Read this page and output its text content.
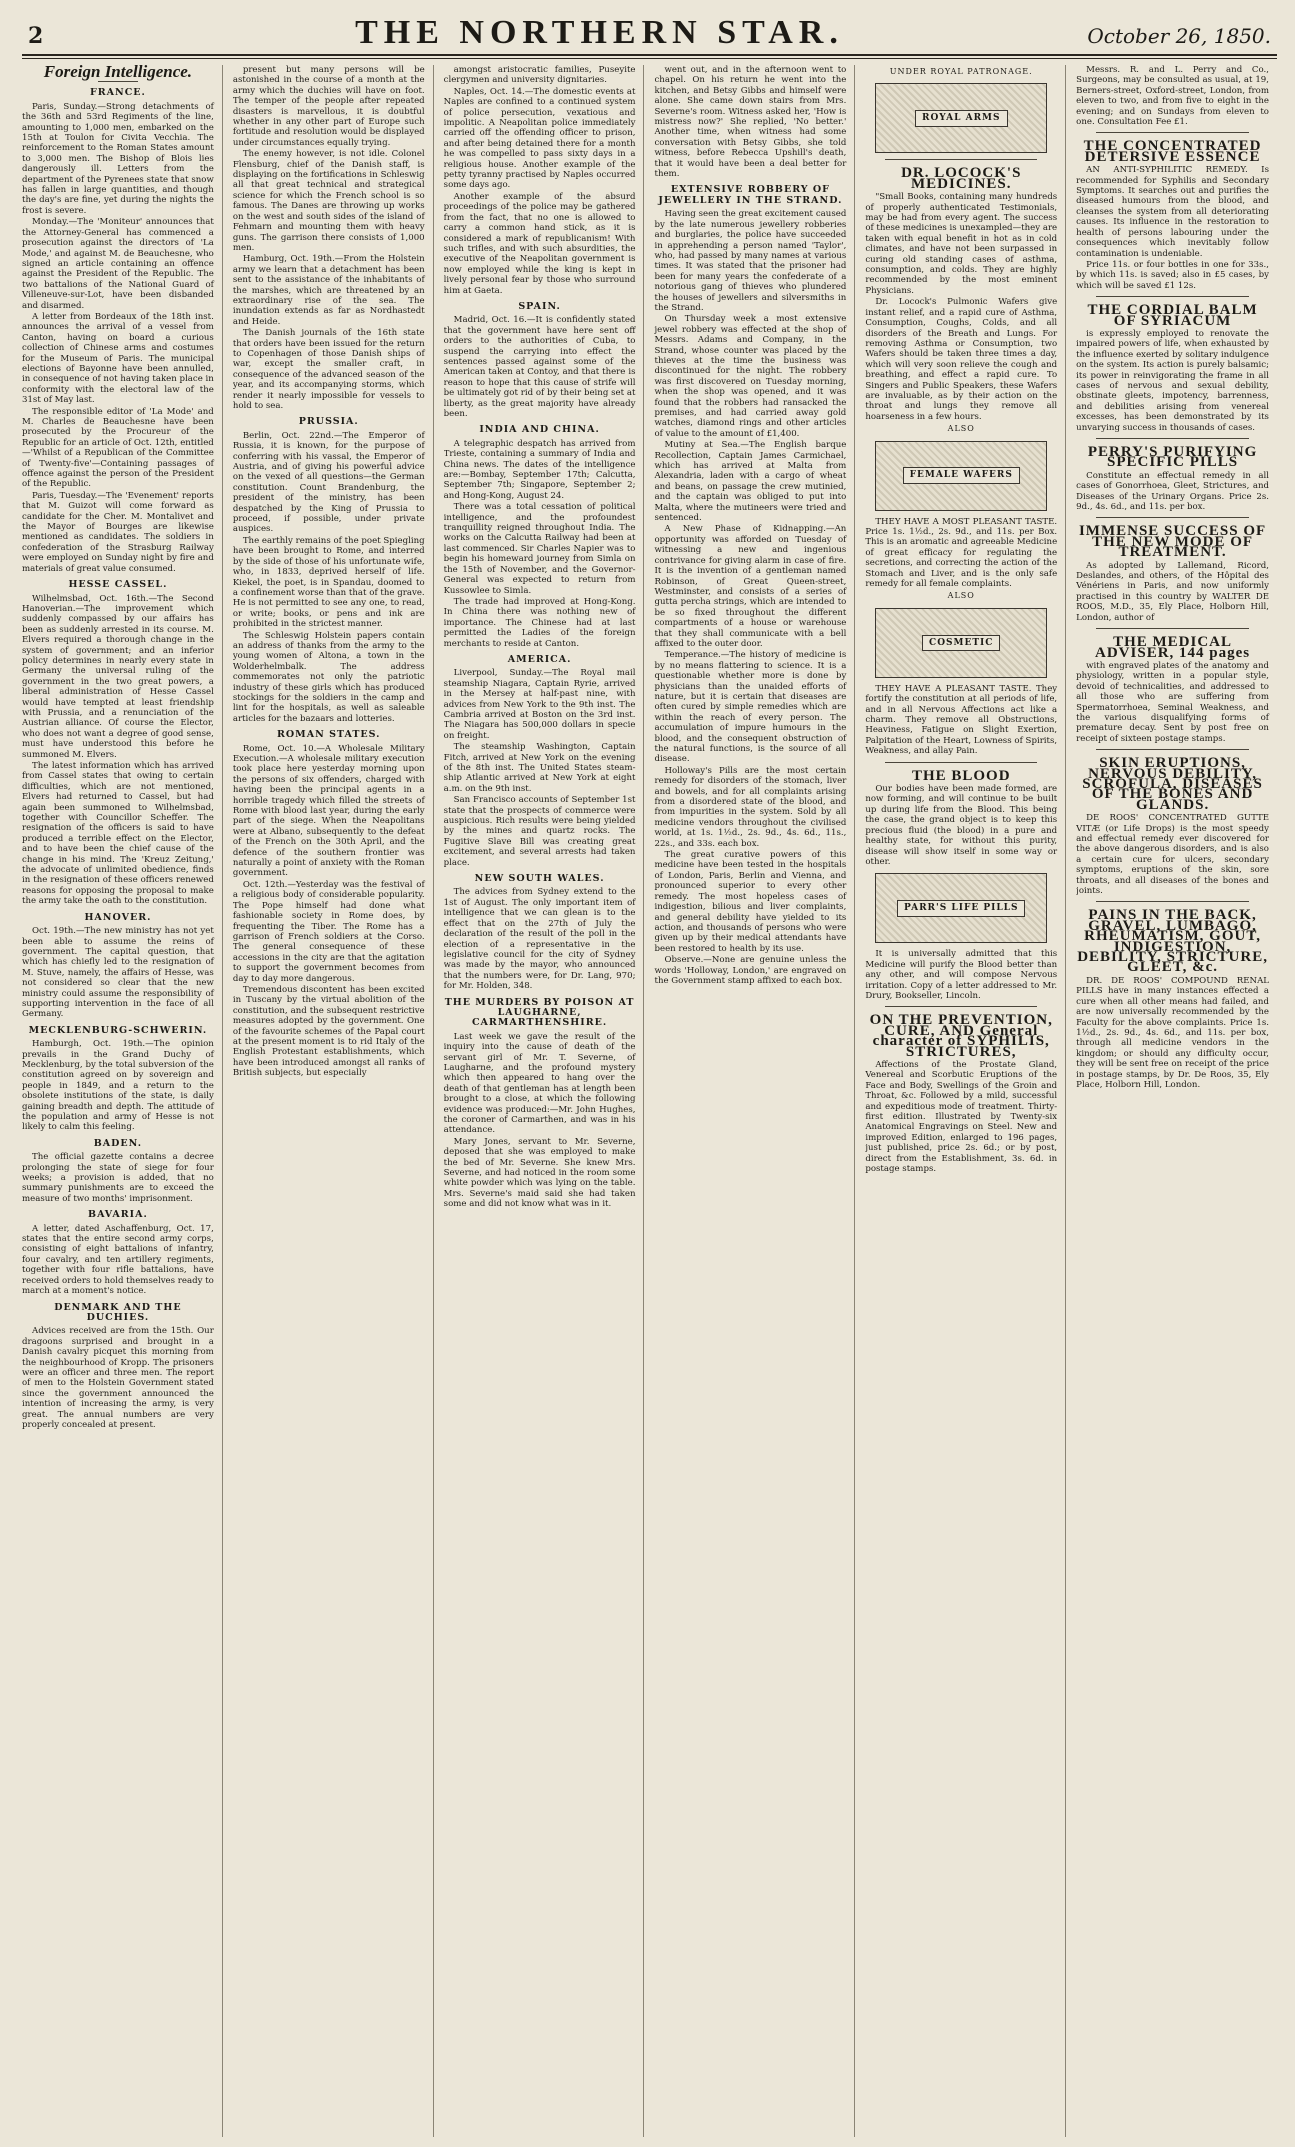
2	THE NORTHERN STAR.	October 26, 1850.
Foreign Intelligence.
FRANCE.

Paris, Sunday.—Strong detachments of the 36th and 53rd Regiments of the line, amounting to 1,000 men, embarked on the 15th at Toulon for Civita Vecchia. The reinforcement to the Roman States amount to 3,000 men. The Bishop of Blois lies dangerously ill. Letters from the department of the Pyrenees state that snow has fallen in large quantities, and though the day's are fine, yet during the nights the frost is severe.

Monday.—The 'Moniteur' announces that the Attorney-General has commenced a prosecution against the directors of 'La Mode,' and against M. de Beauchesne, who signed an article containing an offence against the President of the Republic. The two battalions of the National Guard of Villeneuve-sur-Lot, have been disbanded and disarmed.

A letter from Bordeaux of the 18th inst. announces the arrival of a vessel from Canton, having on board a curious collection of Chinese arms and costumes for the Museum of Paris. The municipal elections of Bayonne have been annulled, in consequence of not having taken place in conformity with the electoral law of the 31st of May last.

The responsible editor of 'La Mode' and M. Charles de Beauchesne have been prosecuted by the Procureur of the Republic for an article of Oct. 12th, entitled—'Whilst of a Republican of the Committee of Twenty-five'—Containing passages of offence against the person of the President of the Republic.

Paris, Tuesday.—The 'Evenement' reports that M. Guizot will come forward as candidate for the Cher. M. Montalivet and the Mayor of Bourges are likewise mentioned as candidates. The soldiers in confederation of the Strasburg Railway were employed on Sunday night by fire and materials of great value consumed.

HESSE CASSEL.

Wilhelmsbad, Oct. 16th.—The Second Hanoverian.—The improvement which suddenly compassed by our affairs has been as suddenly arrested in its course. M. Elvers required a thorough change in the system of government; and an inferior policy determines in nearly every state in Germany the universal ruling of the government in the two great powers, a liberal administration of Hesse Cassel would have tempted at least friendship with Prussia, and a renunciation of the Austrian alliance. Of course the Elector, who does not want a degree of good sense, must have understood this before he summoned M. Elvers.

The latest information which has arrived from Cassel states that owing to certain difficulties, which are not mentioned, Elvers had returned to Cassel, but had again been summoned to Wilhelmsbad, together with Councillor Scheffer. The resignation of the officers is said to have produced a terrible effect on the Elector, and to have been the chief cause of the change in his mind. The 'Kreuz Zeitung,' the advocate of unlimited obedience, finds in the resignation of these officers renewed reasons for opposing the proposal to make the army take the oath to the constitution.

HANOVER.

Oct. 19th.—The new ministry has not yet been able to assume the reins of government. The capital question, that which has chiefly led to the resignation of M. Stuve, namely, the affairs of Hesse, was not considered so clear that the new ministry could assume the responsibility of supporting intervention in the face of all Germany.

MECKLENBURG-SCHWERIN.

Hamburgh, Oct. 19th.—The opinion prevails in the Grand Duchy of Mecklenburg, by the total subversion of the constitution agreed on by sovereign and people in 1849, and a return to the obsolete institutions of the state, is daily gaining breadth and depth. The attitude of the population and army of Hesse is not likely to calm this feeling.

BADEN.

The official gazette contains a decree prolonging the state of siege for four weeks; a provision is added, that no summary punishments are to exceed the measure of two months' imprisonment.

BAVARIA.

A letter, dated Aschaffenburg, Oct. 17, states that the entire second army corps, consisting of eight battalions of infantry, four cavalry, and ten artillery regiments, together with four rifle battalions, have received orders to hold themselves ready to march at a moment's notice.

DENMARK AND THE DUCHIES.

Advices received are from the 15th. Our dragoons surprised and brought in a Danish cavalry picquet this morning from the neighbourhood of Kropp. The prisoners were an officer and three men. The report of men to the Holstein Government stated since the government announced the intention of increasing the army, is very great. The annual numbers are very properly concealed at present.

present but many persons will be astonished in the course of a month at the army which the duchies will have on foot. The temper of the people after repeated disasters is marvellous, it is doubtful whether in any other part of Europe such fortitude and resolution would be displayed under circumstances equally trying.

The enemy however, is not idle. Colonel Flensburg, chief of the Danish staff, is displaying on the fortifications in Schleswig all that great technical and strategical science for which the French school is so famous. The Danes are throwing up works on the west and south sides of the island of Fehmarn and mounting them with heavy guns. The garrison there consists of 1,000 men.

Hamburg, Oct. 19th.—From the Holstein army we learn that a detachment has been sent to the assistance of the inhabitants of the marshes, which are threatened by an extraordinary rise of the sea. The inundation extends as far as Nordhastedt and Heide.

The Danish journals of the 16th state that orders have been issued for the return to Copenhagen of those Danish ships of war, except the smaller craft, in consequence of the advanced season of the year, and its accompanying storms, which render it nearly impossible for vessels to hold to sea.

PRUSSIA.

Berlin, Oct. 22nd.—The Emperor of Russia, it is known, for the purpose of conferring with his vassal, the Emperor of Austria, and of giving his powerful advice on the vexed of all questions—the German constitution. Count Brandenburg, the president of the ministry, has been despatched by the King of Prussia to proceed, if possible, under private auspices.

The earthly remains of the poet Spiegling have been brought to Rome, and interred by the side of those of his unfortunate wife, who, in 1833, deprived herself of life. Kiekel, the poet, is in Spandau, doomed to a confinement worse than that of the grave. He is not permitted to see any one, to read, or write; books, or pens and ink are prohibited in the strictest manner.

The Schleswig Holstein papers contain an address of thanks from the army to the young women of Altona, a town in the Wolderhelmbalk. The address commemorates not only the patriotic industry of these girls which has produced stockings for the soldiers in the camp and lint for the hospitals, as well as saleable articles for the bazaars and lotteries.

ROMAN STATES.

Rome, Oct. 10.—A Wholesale Military Execution.—A wholesale military execution took place here yesterday morning upon the persons of six offenders, charged with having been the principal agents in a horrible tragedy which filled the streets of Rome with blood last year, during the early part of the siege. When the Neapolitans were at Albano, subsequently to the defeat of the French on the 30th April, and the defence of the southern frontier was naturally a point of anxiety with the Roman government.

Oct. 12th.—Yesterday was the festival of a religious body of considerable popularity. The Pope himself had done what fashionable society in Rome does, by frequenting the Tiber. The Rome has a garrison of French soldiers at the Corso. The general consequence of these accessions in the city are that the agitation to support the government becomes from day to day more dangerous.

Tremendous discontent has been excited in Tuscany by the virtual abolition of the constitution, and the subsequent restrictive measures adopted by the government. One of the favourite schemes of the Papal court at the present moment is to rid Italy of the English Protestant establishments, which have been introduced amongst all ranks of British subjects, but especially

amongst aristocratic families, Puseyite clergymen and university dignitaries.

Naples, Oct. 14.—The domestic events at Naples are confined to a continued system of police persecution, vexatious and impolitic. A Neapolitan police immediately carried off the offending officer to prison, and after being detained there for a month he was compelled to pass sixty days in a religious house. Another example of the petty tyranny practised by Naples occurred some days ago.

Another example of the absurd proceedings of the police may be gathered from the fact, that no one is allowed to carry a common hand stick, as it is considered a mark of republicanism! With such trifles, and with such absurdities, the executive of the Neapolitan government is now employed while the king is kept in lively personal fear by those who surround him at Gaeta.

SPAIN.

Madrid, Oct. 16.—It is confidently stated that the government have here sent off orders to the authorities of Cuba, to suspend the carrying into effect the sentences passed against some of the American taken at Contoy, and that there is reason to hope that this cause of strife will be ultimately got rid of by their being set at liberty, as the great majority have already been.

INDIA AND CHINA.

A telegraphic despatch has arrived from Trieste, containing a summary of India and China news. The dates of the intelligence are:—Bombay, September 17th; Calcutta, September 7th; Singapore, September 2; and Hong-Kong, August 24.

There was a total cessation of political intelligence, and the profoundest tranquillity reigned throughout India. The works on the Calcutta Railway had been at last commenced. Sir Charles Napier was to begin his homeward journey from Simla on the 15th of November, and the Governor-General was expected to return from Kussowlee to Simla.

The trade had improved at Hong-Kong. In China there was nothing new of importance. The Chinese had at last permitted the Ladies of the foreign merchants to reside at Canton.

AMERICA.

Liverpool, Sunday.—The Royal mail steamship Niagara, Captain Ryrie, arrived in the Mersey at half-past nine, with advices from New York to the 9th inst. The Cambria arrived at Boston on the 3rd inst. The Niagara has 500,000 dollars in specie on freight.

The steamship Washington, Captain Fitch, arrived at New York on the evening of the 8th inst. The United States steam-ship Atlantic arrived at New York at eight a.m. on the 9th inst.

San Francisco accounts of September 1st state that the prospects of commerce were auspicious. Rich results were being yielded by the mines and quartz rocks. The Fugitive Slave Bill was creating great excitement, and several arrests had taken place.

NEW SOUTH WALES.

The advices from Sydney extend to the 1st of August. The only important item of intelligence that we can glean is to the effect that on the 27th of July the declaration of the result of the poll in the election of a representative in the legislative council for the city of Sydney was made by the mayor, who announced that the numbers were, for Dr. Lang, 970; for Mr. Holden, 348.

THE MURDERS BY POISON AT LAUGHARNE, CARMARTHENSHIRE.

Last week we gave the result of the inquiry into the cause of death of the servant girl of Mr. T. Severne, of Laugharne, and the profound mystery which then appeared to hang over the death of that gentleman has at length been brought to a close, at which the following evidence was produced:—Mr. John Hughes, the coroner of Carmarthen, and was in his attendance.

Mary Jones, servant to Mr. Severne, deposed that she was employed to make the bed of Mr. Severne. She knew Mrs. Severne, and had noticed in the room some white powder which was lying on the table. Mrs. Severne's maid said she had taken some and did not know what was in it.

went out, and in the afternoon went to chapel. On his return he went into the kitchen, and Betsy Gibbs and himself were alone. She came down stairs from Mrs. Severne's room. Witness asked her, 'How is mistress now?' She replied, 'No better.' Another time, when witness had some conversation with Betsy Gibbs, she told witness, before Rebecca Upshill's death, that it would have been a deal better for them.

EXTENSIVE ROBBERY OF JEWELLERY IN THE STRAND.

Having seen the great excitement caused by the late numerous jewellery robberies and burglaries, the police have succeeded in apprehending a person named 'Taylor', who, had passed by many names at various times. It was stated that the prisoner had been for many years the confederate of a notorious gang of thieves who plundered the houses of jewellers and silversmiths in the Strand.

On Thursday week a most extensive jewel robbery was effected at the shop of Messrs. Adams and Company, in the Strand, whose counter was placed by the thieves at the time the business was discontinued for the night. The robbery was first discovered on Tuesday morning, when the shop was opened, and it was found that the robbers had ransacked the premises, and had carried away gold watches, diamond rings and other articles of value to the amount of £1,400.

Mutiny at Sea.—The English barque Recollection, Captain James Carmichael, which has arrived at Malta from Alexandria, laden with a cargo of wheat and beans, on passage the crew mutinied, and the captain was obliged to put into Malta, where the mutineers were tried and sentenced.

A New Phase of Kidnapping.—An opportunity was afforded on Tuesday of witnessing a new and ingenious contrivance for giving alarm in case of fire. It is the invention of a gentleman named Robinson, of Great Queen-street, Westminster, and consists of a series of gutta percha strings, which are intended to be so fixed throughout the different compartments of a house or warehouse that they shall communicate with a bell affixed to the outer door.

Temperance.—The history of medicine is by no means flattering to science. It is a questionable whether more is done by physicians than the unaided efforts of nature, but it is certain that diseases are often cured by simple remedies which are within the reach of every person. The accumulation of impure humours in the blood, and the consequent obstruction of the natural functions, is the source of all disease.

Holloway's Pills are the most certain remedy for disorders of the stomach, liver and bowels, and for all complaints arising from a disordered state of the blood, and from impurities in the system. Sold by all medicine vendors throughout the civilised world, at 1s. 1½d., 2s. 9d., 4s. 6d., 11s., 22s., and 33s. each box.

The great curative powers of this medicine have been tested in the hospitals of London, Paris, Berlin and Vienna, and pronounced superior to every other remedy. The most hopeless cases of indigestion, bilious and liver complaints, and general debility have yielded to its action, and thousands of persons who were given up by their medical attendants have been restored to health by its use.

Observe.—None are genuine unless the words 'Holloway, London,' are engraved on the Government stamp affixed to each box.

UNDER ROYAL PATRONAGE.
ROYAL ARMS
DR. LOCOCK'S MEDICINES.

"Small Books, containing many hundreds of properly authenticated Testimonials, may be had from every agent. The success of these medicines is unexampled—they are taken with equal benefit in hot as in cold climates, and have not been surpassed in curing old standing cases of asthma, consumption, and colds. They are highly recommended by the most eminent Physicians.

Dr. Locock's Pulmonic Wafers give instant relief, and a rapid cure of Asthma, Consumption, Coughs, Colds, and all disorders of the Breath and Lungs. For removing Asthma or Consumption, two Wafers should be taken three times a day, which will very soon relieve the cough and breathing, and effect a rapid cure. To Singers and Public Speakers, these Wafers are invaluable, as by their action on the throat and lungs they remove all hoarseness in a few hours.

ALSO
FEMALE WAFERS

THEY HAVE A MOST PLEASANT TASTE. Price 1s. 1½d., 2s. 9d., and 11s. per Box. This is an aromatic and agreeable Medicine of great efficacy for regulating the secretions, and correcting the action of the Stomach and Liver, and is the only safe remedy for all female complaints.

ALSO
COSMETIC

THEY HAVE A PLEASANT TASTE. They fortify the constitution at all periods of life, and in all Nervous Affections act like a charm. They remove all Obstructions, Heaviness, Fatigue on Slight Exertion, Palpitation of the Heart, Lowness of Spirits, Weakness, and allay Pain.

THE BLOOD

Our bodies have been made formed, are now forming, and will continue to be built up during life from the Blood. This being the case, the grand object is to keep this precious fluid (the blood) in a pure and healthy state, for without this purity, disease will show itself in some way or other.

PARR'S LIFE PILLS

It is universally admitted that this Medicine will purify the Blood better than any other, and will compose Nervous irritation. Copy of a letter addressed to Mr. Drury, Bookseller, Lincoln.

ON THE PREVENTION, CURE, AND General character of SYPHILIS, STRICTURES,

Affections of the Prostate Gland, Venereal and Scorbutic Eruptions of the Face and Body, Swellings of the Groin and Throat, &c. Followed by a mild, successful and expeditious mode of treatment. Thirty-first edition. Illustrated by Twenty-six Anatomical Engravings on Steel. New and improved Edition, enlarged to 196 pages, just published, price 2s. 6d.; or by post, direct from the Establishment, 3s. 6d. in postage stamps.

Messrs. R. and L. Perry and Co., Surgeons, may be consulted as usual, at 19, Berners-street, Oxford-street, London, from eleven to two, and from five to eight in the evening; and on Sundays from eleven to one. Consultation Fee £1.

THE CONCENTRATED DETERSIVE ESSENCE

AN ANTI-SYPHILITIC REMEDY. Is recommended for Syphilis and Secondary Symptoms. It searches out and purifies the diseased humours from the blood, and cleanses the system from all deteriorating causes. Its influence in the restoration to health of persons labouring under the consequences which inevitably follow contamination is undeniable.

Price 11s. or four bottles in one for 33s., by which 11s. is saved; also in £5 cases, by which will be saved £1 12s.

THE CORDIAL BALM OF SYRIACUM

is expressly employed to renovate the impaired powers of life, when exhausted by the influence exerted by solitary indulgence on the system. Its action is purely balsamic; its power in reinvigorating the frame in all cases of nervous and sexual debility, obstinate gleets, impotency, barrenness, and debilities arising from venereal excesses, has been demonstrated by its unvarying success in thousands of cases.

PERRY'S PURIFYING SPECIFIC PILLS

Constitute an effectual remedy in all cases of Gonorrhoea, Gleet, Strictures, and Diseases of the Urinary Organs. Price 2s. 9d., 4s. 6d., and 11s. per box.

IMMENSE SUCCESS OF THE NEW MODE OF TREATMENT.

As adopted by Lallemand, Ricord, Deslandes, and others, of the Hôpital des Vénériens in Paris, and now uniformly practised in this country by WALTER DE ROOS, M.D., 35, Ely Place, Holborn Hill, London, author of

THE MEDICAL ADVISER, 144 pages

with engraved plates of the anatomy and physiology, written in a popular style, devoid of technicalities, and addressed to all those who are suffering from Spermatorrhoea, Seminal Weakness, and the various disqualifying forms of premature decay. Sent by post free on receipt of sixteen postage stamps.

SKIN ERUPTIONS, NERVOUS DEBILITY, SCROFULA, DISEASES OF THE BONES AND GLANDS.

DE ROOS' CONCENTRATED GUTTE VITÆ (or Life Drops) is the most speedy and effectual remedy ever discovered for the above dangerous disorders, and is also a certain cure for ulcers, secondary symptoms, eruptions of the skin, sore throats, and all diseases of the bones and joints.

PAINS IN THE BACK, GRAVEL, LUMBAGO, RHEUMATISM, GOUT, INDIGESTION, DEBILITY, STRICTURE, GLEET, &c.

DR. DE ROOS' COMPOUND RENAL PILLS have in many instances effected a cure when all other means had failed, and are now universally recommended by the Faculty for the above complaints. Price 1s. 1½d., 2s. 9d., 4s. 6d., and 11s. per box, through all medicine vendors in the kingdom; or should any difficulty occur, they will be sent free on receipt of the price in postage stamps, by Dr. De Roos, 35, Ely Place, Holborn Hill, London.
